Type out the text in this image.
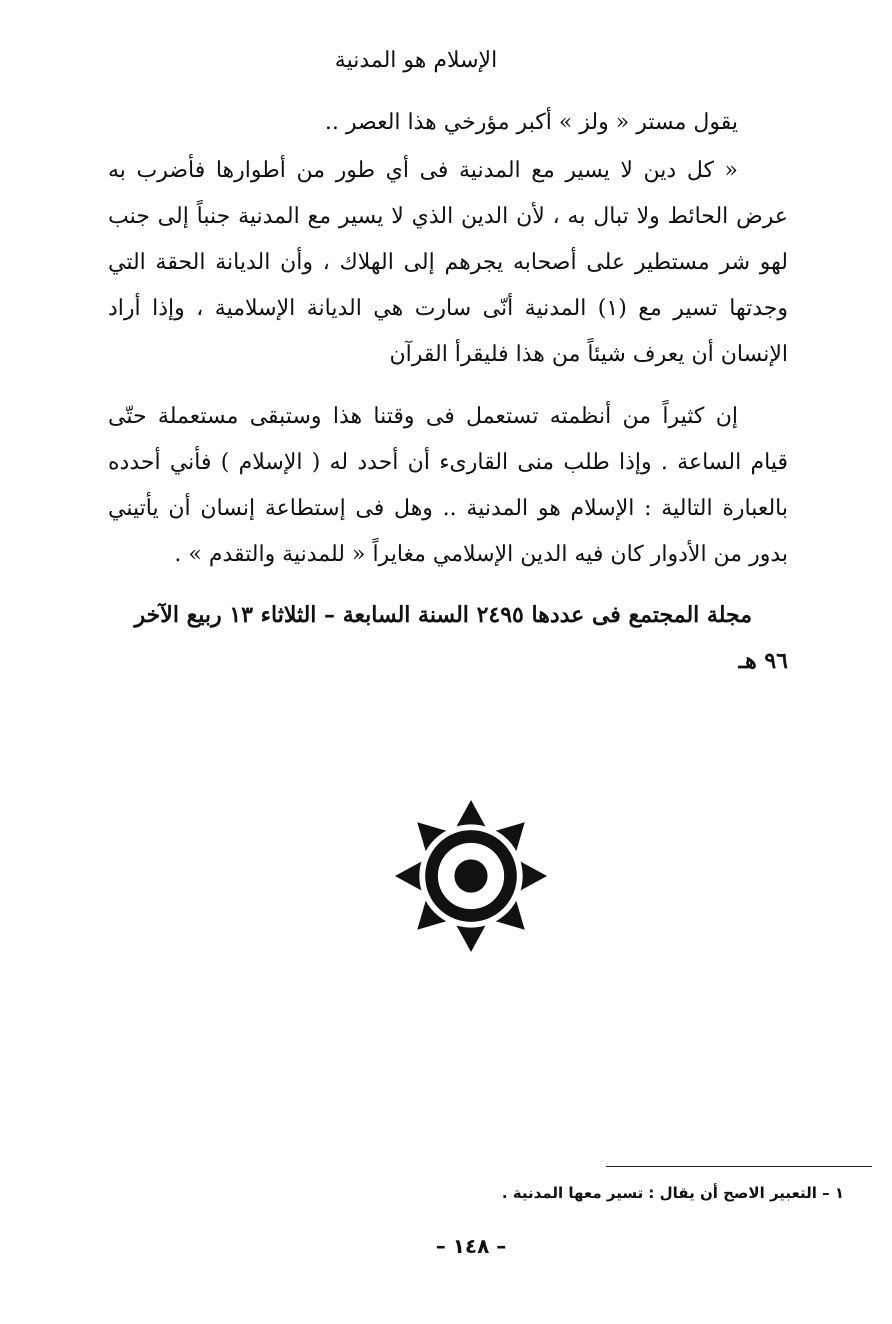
الإسلام هو المدنية

يقول مستر « ولز » أكبر مؤرخي هذا العصر ..

« كل دين لا يسير مع المدنية فى أي طور من أطوارها فأضرب به عرض الحائط ولا تبال به ، لأن الدين الذي لا يسير مع المدنية جنباً إلى جنب لهو شر مستطير على أصحابه يجرهم إلى الهلاك ، وأن الديانة الحقة التي وجدتها تسير مع (١) المدنية أنّى سارت هي الديانة الإسلامية ، وإذا أراد الإنسان أن يعرف شيئاً من هذا فليقرأ القرآن

إن كثيراً من أنظمته تستعمل فى وقتنا هذا وستبقى مستعملة حتّى قيام الساعة . وإذا طلب منى القارىء أن أحدد له ( الإسلام ) فأني أحدده بالعبارة التالية : الإسلام هو المدنية .. وهل فى إستطاعة إنسان أن يأتيني بدور من الأدوار كان فيه الدين الإسلامي مغايراً « للمدنية والتقدم » .

مجلة المجتمع فى عددها ٢٤٩٥ السنة السابعة – الثلاثاء ١٣ ربيع الآخر ٩٦ هـ

١ – التعبير الاصح أن يقال : تسير معها المدنية .
– ١٤٨ –
